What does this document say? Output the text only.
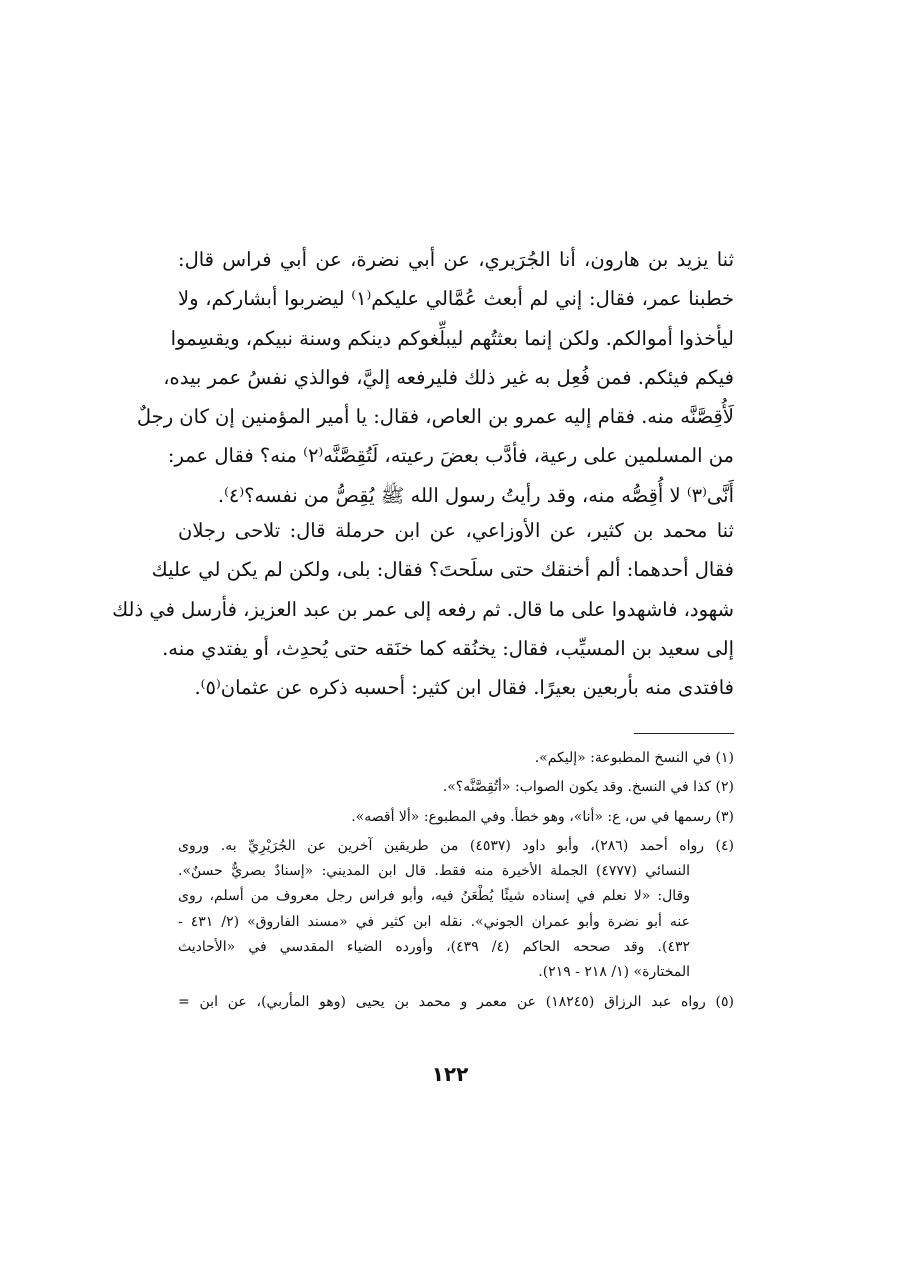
ثنا يزيد بن هارون، أنا الجُرَيري، عن أبي نضرة، عن أبي فراس قال:
خطبنا عمر، فقال: إني لم أبعث عُمَّالي عليكم⁽١⁾ ليضربوا أبشاركم، ولا
ليأخذوا أموالكم. ولكن إنما بعثتُهم ليبلِّغوكم دينكم وسنة نبيكم، ويقسِموا
فيكم فيئكم. فمن فُعِل به غير ذلك فليرفعه إليَّ، فوالذي نفسُ عمر بيده،
لَأُقِصَّنَّه منه. فقام إليه عمرو بن العاص، فقال: يا أمير المؤمنين إن كان رجلٌ
من المسلمين على رعية، فأدَّب بعضَ رعيته، لَتُقِصَّنَّه⁽٢⁾ منه؟ فقال عمر:
أَنَّى⁽٣⁾ لا أُقِصُّه منه، وقد رأيتُ رسول الله ﷺ يُقِصُّ من نفسه؟⁽٤⁾.
ثنا محمد بن كثير، عن الأوزاعي، عن ابن حرملة قال: تلاحى رجلان
فقال أحدهما: ألم أخنقك حتى سلَحتَ؟ فقال: بلى، ولكن لم يكن لي عليك
شهود، فاشهدوا على ما قال. ثم رفعه إلى عمر بن عبد العزيز، فأرسل في ذلك
إلى سعيد بن المسيِّب، فقال: يخنُقه كما خنَقه حتى يُحدِث، أو يفتدي منه.
فافتدى منه بأربعين بعيرًا. فقال ابن كثير: أحسبه ذكره عن عثمان⁽٥⁾.
(١) في النسخ المطبوعة: «إليكم».
(٢) كذا في النسخ. وقد يكون الصواب: «أتُقِصَّنَّه؟».
(٣) رسمها في س، ع: «أنا»، وهو خطأ. وفي المطبوع: «ألا أقصه».
(٤) رواه أحمد (٢٨٦)، وأبو داود (٤٥٣٧) من طريقين آخرين عن الجُرَيْرِيِّ به. وروى
النسائي (٤٧٧٧) الجملة الأخيرة منه فقط. قال ابن المديني: «إسنادٌ بصريٌّ حسنٌ».
وقال: «لا نعلم في إسناده شيئًا يُطْعَنُ فيه، وأبو فراس رجل معروف من أسلم، روى
عنه أبو نضرة وأبو عمران الجوني». نقله ابن كثير في «مسند الفاروق» (٢/ ٤٣١ -
٤٣٢). وقد صححه الحاكم (٤/ ٤٣٩)، وأورده الضياء المقدسي في «الأحاديث
المختارة» (١/ ٢١٨ - ٢١٩).
(٥) رواه عبد الرزاق (١٨٢٤٥) عن معمر و محمد بن يحيى (وهو المأربي)، عن ابن =
١٢٢
